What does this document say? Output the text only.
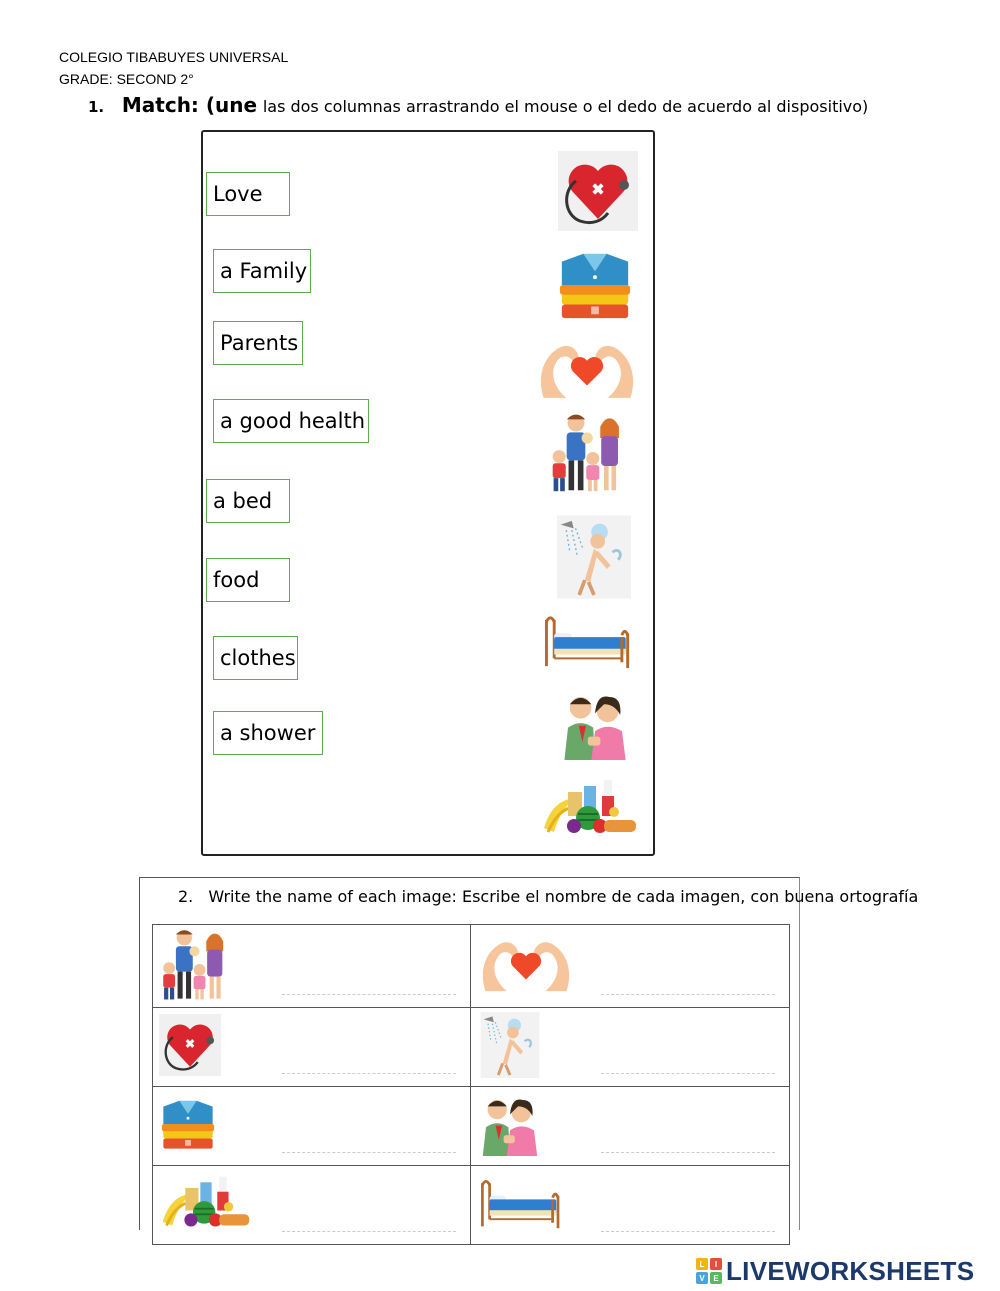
COLEGIO TIBABUYES UNIVERSAL
GRADE: SECOND 2°
1. Match: (une las dos columnas arrastrando el mouse o el dedo de acuerdo al dispositivo)
Love
a Family
Parents
a good health
a bed
food
clothes
a shower
2. Write the name of each image: Escribe el nombre de cada imagen, con buena ortografía

L I
V E LIVEWORKSHEETS
